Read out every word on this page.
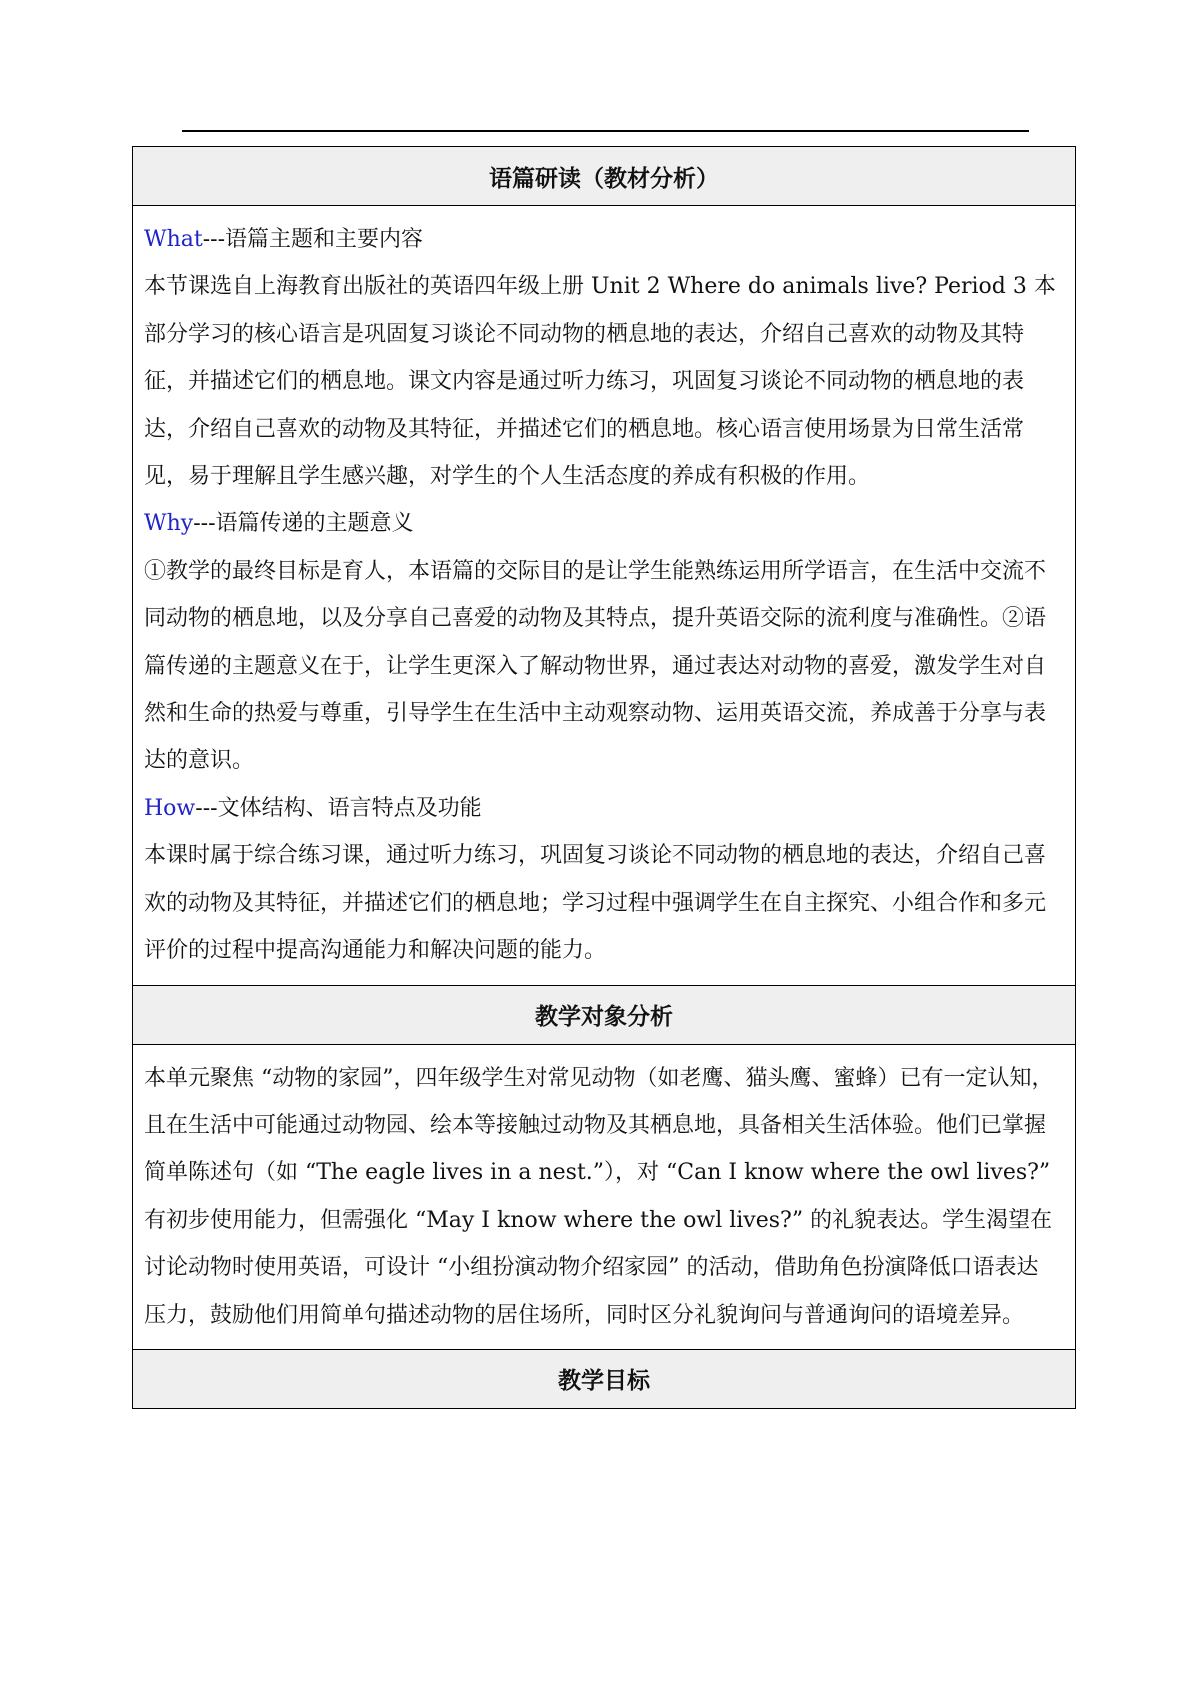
语篇研读（教材分析）

What---语篇主题和主要内容

本节课选自上海教育出版社的英语四年级上册 Unit 2 Where do animals live? Period 3 本部分学习的核心语言是巩固复习谈论不同动物的栖息地的表达，介绍自己喜欢的动物及其特征，并描述它们的栖息地。课文内容是通过听力练习，巩固复习谈论不同动物的栖息地的表达，介绍自己喜欢的动物及其特征，并描述它们的栖息地。核心语言使用场景为日常生活常见，易于理解且学生感兴趣，对学生的个人生活态度的养成有积极的作用。

Why---语篇传递的主题意义

①教学的最终目标是育人，本语篇的交际目的是让学生能熟练运用所学语言，在生活中交流不同动物的栖息地，以及分享自己喜爱的动物及其特点，提升英语交际的流利度与准确性。②语篇传递的主题意义在于，让学生更深入了解动物世界，通过表达对动物的喜爱，激发学生对自然和生命的热爱与尊重，引导学生在生活中主动观察动物、运用英语交流，养成善于分享与表达的意识。

How---文体结构、语言特点及功能

本课时属于综合练习课，通过听力练习，巩固复习谈论不同动物的栖息地的表达，介绍自己喜欢的动物及其特征，并描述它们的栖息地；学习过程中强调学生在自主探究、小组合作和多元评价的过程中提高沟通能力和解决问题的能力。

教学对象分析

本单元聚焦 “动物的家园”，四年级学生对常见动物（如老鹰、猫头鹰、蜜蜂）已有一定认知，且在生活中可能通过动物园、绘本等接触过动物及其栖息地，具备相关生活体验。他们已掌握简单陈述句（如 “The eagle lives in a nest.”），对 “Can I know where the owl lives?” 有初步使用能力，但需强化 “May I know where the owl lives?” 的礼貌表达。学生渴望在讨论动物时使用英语，可设计 “小组扮演动物介绍家园” 的活动，借助角色扮演降低口语表达压力，鼓励他们用简单句描述动物的居住场所，同时区分礼貌询问与普通询问的语境差异。

教学目标
